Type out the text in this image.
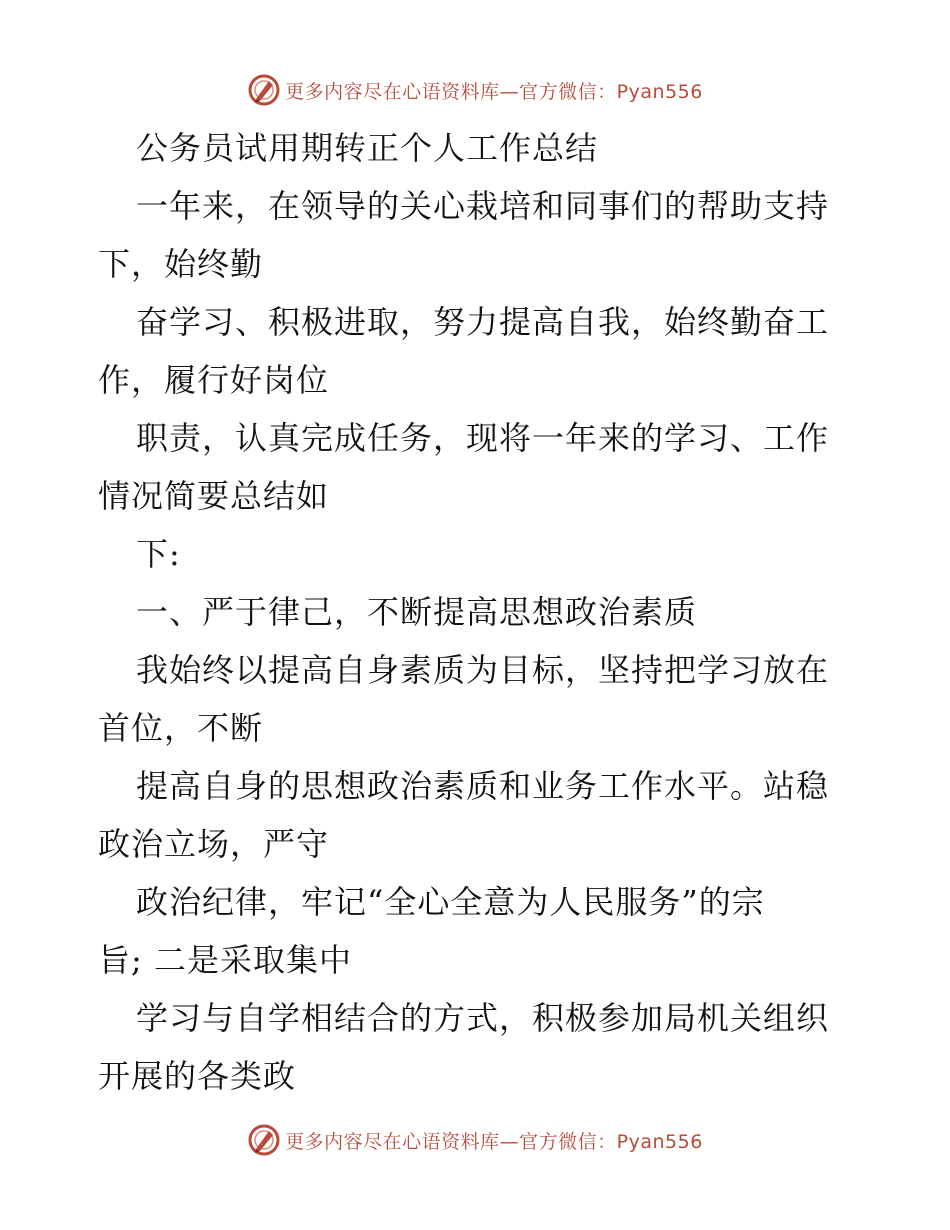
更多内容尽在心语资料库—官方微信：Pyan556
公务员试用期转正个人工作总结
一年来，在领导的关心栽培和同事们的帮助支持
下，始终勤
奋学习、积极进取，努力提高自我，始终勤奋工
作，履行好岗位
职责，认真完成任务，现将一年来的学习、工作
情况简要总结如
下:
一、严于律己，不断提高思想政治素质
我始终以提高自身素质为目标，坚持把学习放在
首位，不断
提高自身的思想政治素质和业务工作水平。站稳
政治立场，严守
政治纪律，牢记“全心全意为人民服务”的宗
旨; 二是采取集中
学习与自学相结合的方式，积极参加局机关组织
开展的各类政
更多内容尽在心语资料库—官方微信：Pyan556
